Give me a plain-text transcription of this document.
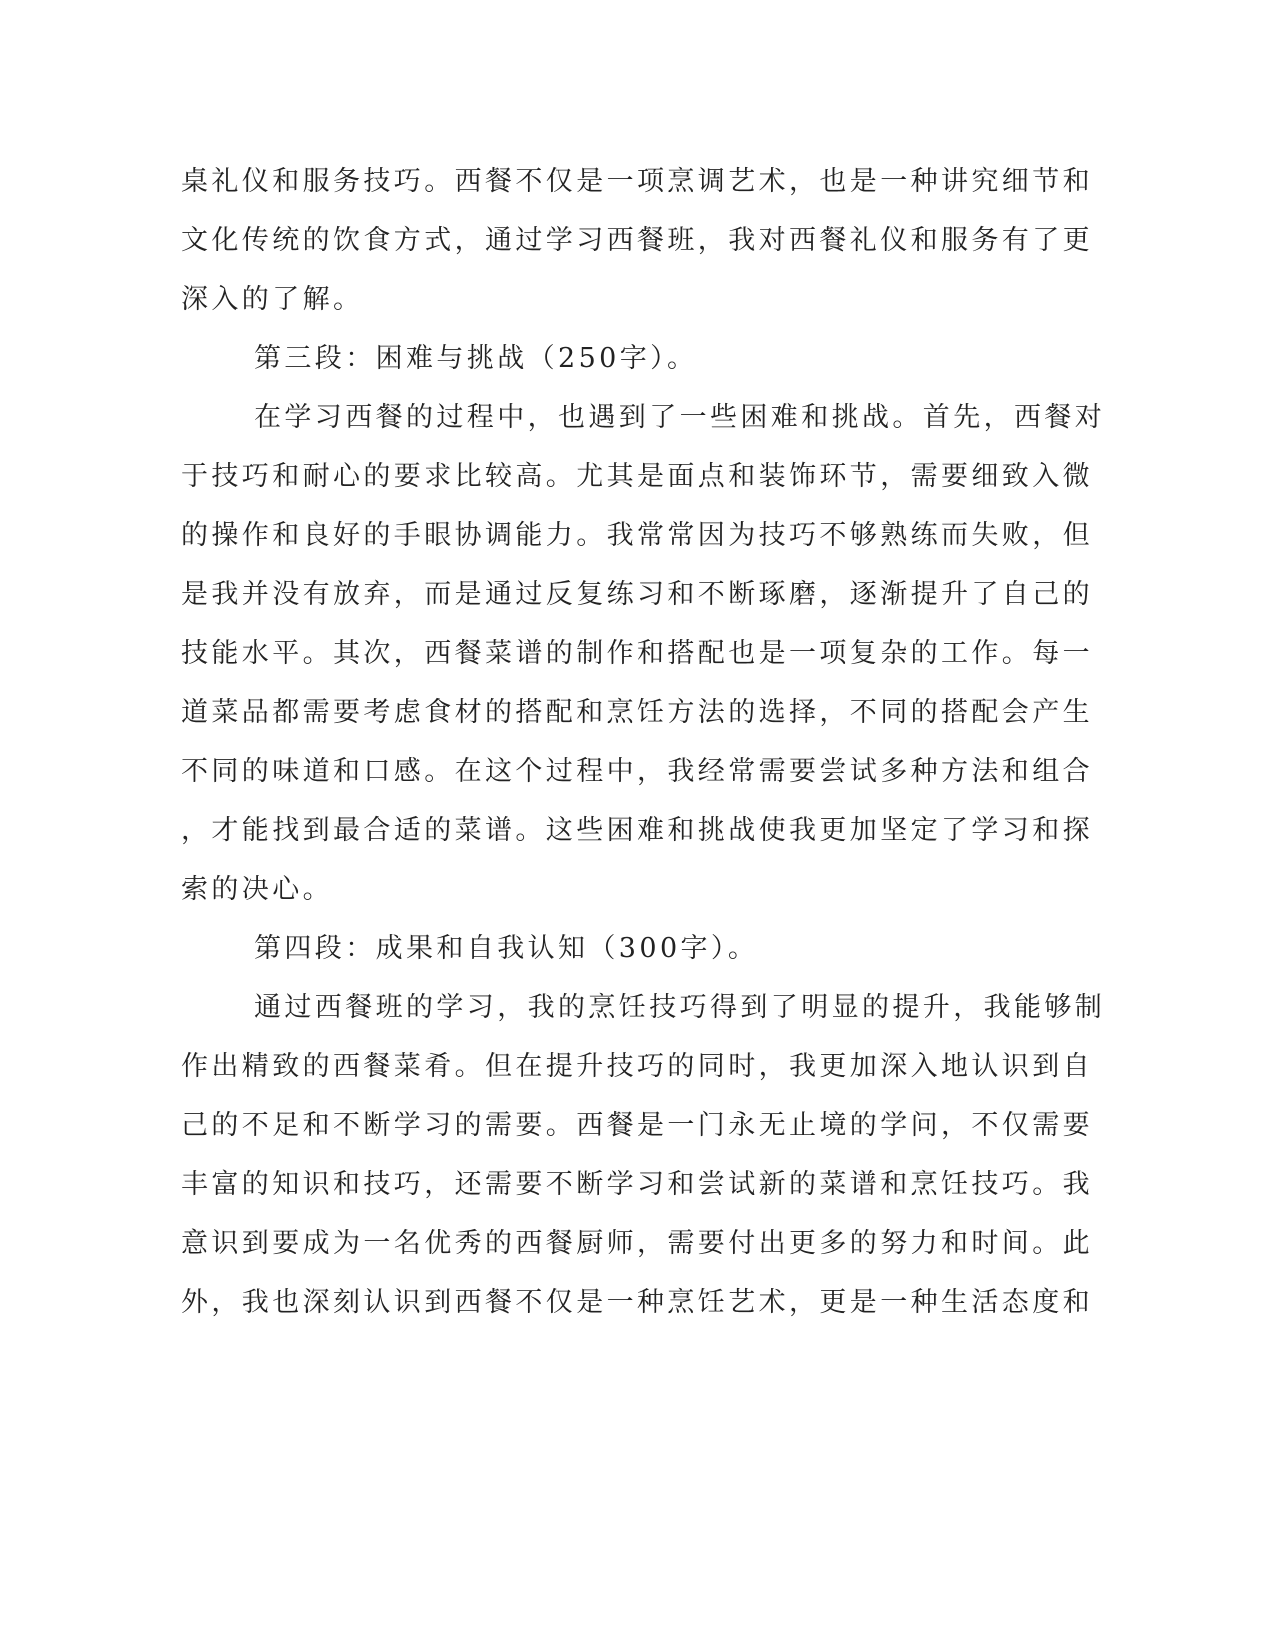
桌礼仪和服务技巧。西餐不仅是一项烹调艺术，也是一种讲究细节和
文化传统的饮食方式，通过学习西餐班，我对西餐礼仪和服务有了更
深入的了解。
第三段：困难与挑战（250字）。
在学习西餐的过程中，也遇到了一些困难和挑战。首先，西餐对
于技巧和耐心的要求比较高。尤其是面点和装饰环节，需要细致入微
的操作和良好的手眼协调能力。我常常因为技巧不够熟练而失败，但
是我并没有放弃，而是通过反复练习和不断琢磨，逐渐提升了自己的
技能水平。其次，西餐菜谱的制作和搭配也是一项复杂的工作。每一
道菜品都需要考虑食材的搭配和烹饪方法的选择，不同的搭配会产生
不同的味道和口感。在这个过程中，我经常需要尝试多种方法和组合
，才能找到最合适的菜谱。这些困难和挑战使我更加坚定了学习和探
索的决心。
第四段：成果和自我认知（300字）。
通过西餐班的学习，我的烹饪技巧得到了明显的提升，我能够制
作出精致的西餐菜肴。但在提升技巧的同时，我更加深入地认识到自
己的不足和不断学习的需要。西餐是一门永无止境的学问，不仅需要
丰富的知识和技巧，还需要不断学习和尝试新的菜谱和烹饪技巧。我
意识到要成为一名优秀的西餐厨师，需要付出更多的努力和时间。此
外，我也深刻认识到西餐不仅是一种烹饪艺术，更是一种生活态度和
